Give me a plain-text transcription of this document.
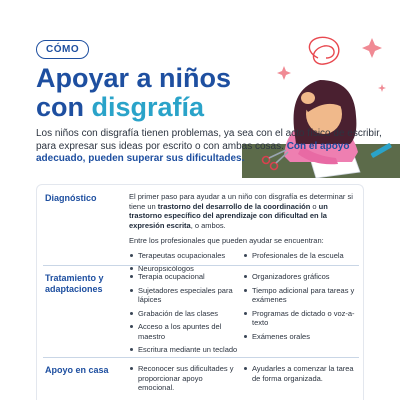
CÓMO
Apoyar a niños
con disgrafía
Los niños con disgrafía tienen problemas, ya sea con el acto físico de escribir, para expresar sus ideas por escrito o con ambas cosas. Con el apoyo adecuado, pueden superar sus dificultades.
Diagnóstico	El primer paso para ayudar a un niño con disgrafía es determinar si tiene un trastorno del desarrollo de la coordinación o un trastorno específico del aprendizaje con dificultad en la expresión escrita, o ambos.

Entre los profesionales que pueden ayudar se encuentran:

Terapeutas ocupacionales
Neuropsicólogos
Profesionales de la escuela
Tratamiento y adaptaciones
Terapia ocupacional
Sujetadores especiales para lápices
Grabación de las clases
Acceso a los apuntes del maestro
Escritura mediante un teclado
Organizadores gráficos
Tiempo adicional para tareas y exámenes
Programas de dictado o voz-a-texto
Exámenes orales
Apoyo en casa	Reconocer sus dificultades y proporcionar apoyo emocional.
Ayudarles a comenzar la tarea de forma organizada.
